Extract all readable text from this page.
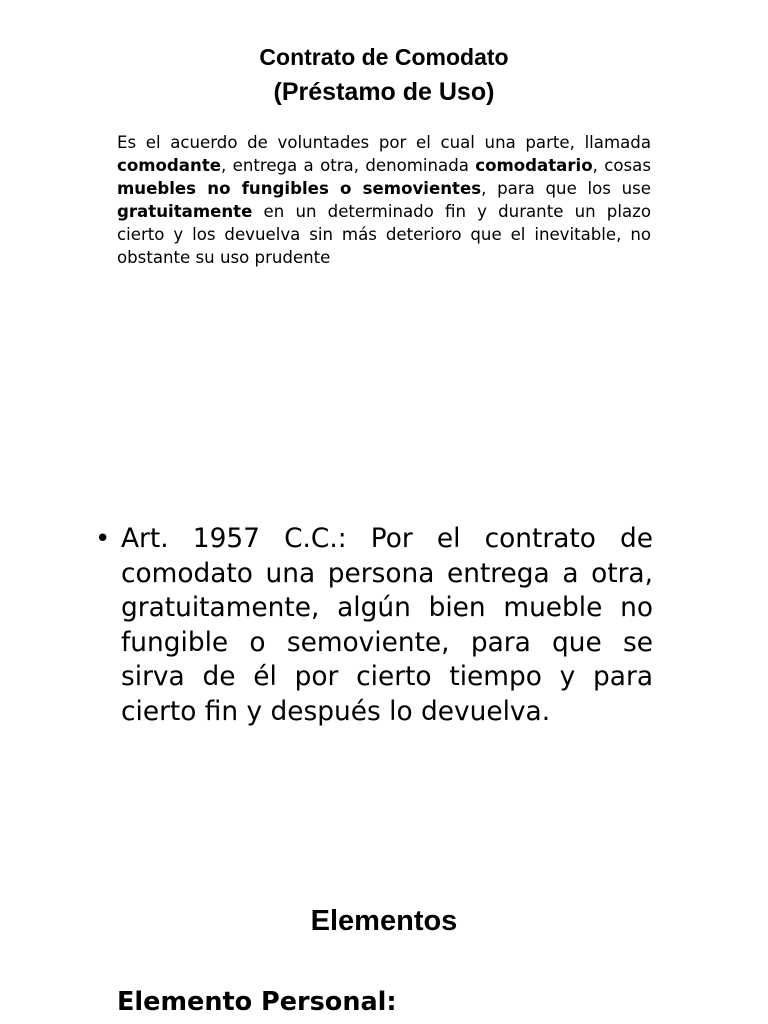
Contrato de Comodato
(Préstamo de Uso)

Es el acuerdo de voluntades por el cual una parte, llamada comodante, entrega a otra, denominada comodatario, cosas muebles no fungibles o semovientes, para que los use gratuitamente en un determinado fin y durante un plazo cierto y los devuelva sin más deterioro que el inevitable, no obstante su uso prudente

• Art. 1957 C.C.: Por el contrato de comodato una persona entrega a otra, gratuitamente, algún bien mueble no fungible o semoviente, para que se sirva de él por cierto tiempo y para cierto fin y después lo devuelva.
Elementos
Elemento Personal:
